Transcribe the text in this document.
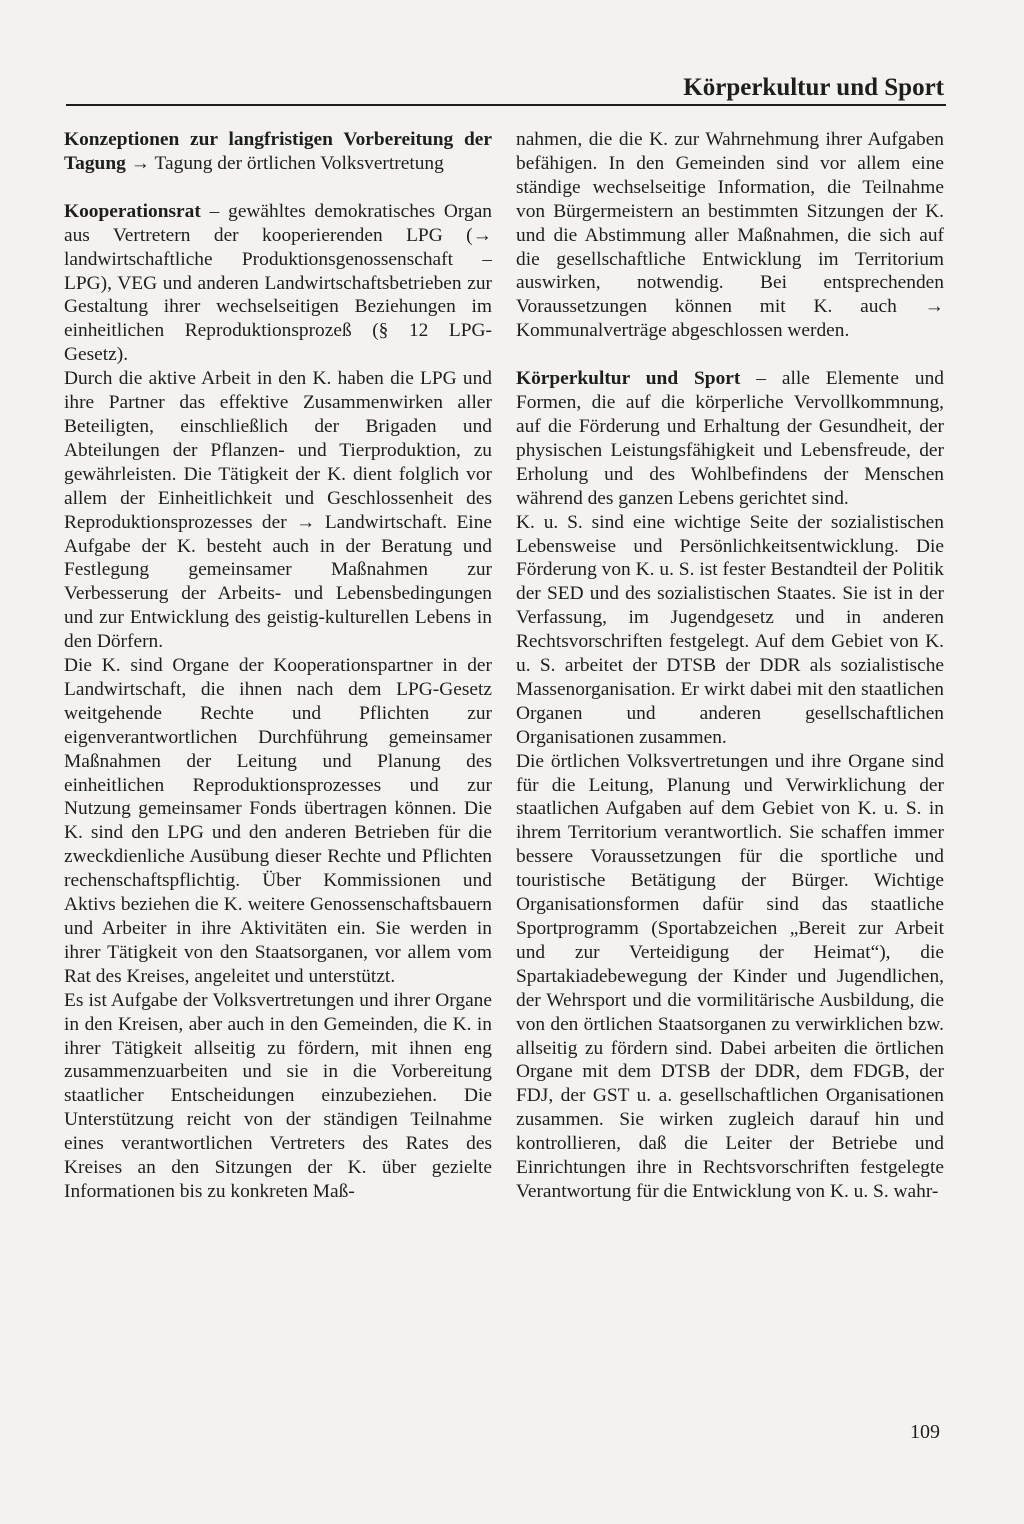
Körperkultur und Sport

Konzeptionen zur langfristigen Vorbereitung der Tagung → Tagung der örtlichen Volksvertretung

Kooperationsrat – gewähltes demokratisches Organ aus Vertretern der kooperierenden LPG (→ landwirtschaftliche Produktionsgenossenschaft – LPG), VEG und anderen Landwirtschaftsbetrieben zur Gestaltung ihrer wechselseitigen Beziehungen im einheitlichen Reproduktionsprozeß (§ 12 LPG-Gesetz).

Durch die aktive Arbeit in den K. haben die LPG und ihre Partner das effektive Zusammenwirken aller Beteiligten, einschließlich der Brigaden und Abteilungen der Pflanzen- und Tierproduktion, zu gewährleisten. Die Tätigkeit der K. dient folglich vor allem der Einheitlichkeit und Geschlossenheit des Reproduktionsprozesses der → Landwirtschaft. Eine Aufgabe der K. besteht auch in der Beratung und Festlegung gemeinsamer Maßnahmen zur Verbesserung der Arbeits- und Lebensbedingungen und zur Entwicklung des geistig-kulturellen Lebens in den Dörfern.

Die K. sind Organe der Kooperationspartner in der Landwirtschaft, die ihnen nach dem LPG-Gesetz weitgehende Rechte und Pflichten zur eigenverantwortlichen Durchführung gemeinsamer Maßnahmen der Leitung und Planung des einheitlichen Reproduktionsprozesses und zur Nutzung gemeinsamer Fonds übertragen können. Die K. sind den LPG und den anderen Betrieben für die zweckdienliche Ausübung dieser Rechte und Pflichten rechenschaftspflichtig. Über Kommissionen und Aktivs beziehen die K. weitere Genossenschaftsbauern und Arbeiter in ihre Aktivitäten ein. Sie werden in ihrer Tätigkeit von den Staatsorganen, vor allem vom Rat des Kreises, angeleitet und unterstützt.

Es ist Aufgabe der Volksvertretungen und ihrer Organe in den Kreisen, aber auch in den Gemeinden, die K. in ihrer Tätigkeit allseitig zu fördern, mit ihnen eng zusammenzuarbeiten und sie in die Vorbereitung staatlicher Entscheidungen einzubeziehen. Die Unterstützung reicht von der ständigen Teilnahme eines verantwortlichen Vertreters des Rates des Kreises an den Sitzungen der K. über gezielte Informationen bis zu konkreten Maß-

nahmen, die die K. zur Wahrnehmung ihrer Aufgaben befähigen. In den Gemeinden sind vor allem eine ständige wechselseitige Information, die Teilnahme von Bürgermeistern an bestimmten Sitzungen der K. und die Abstimmung aller Maßnahmen, die sich auf die gesellschaftliche Entwicklung im Territorium auswirken, notwendig. Bei entsprechenden Voraussetzungen können mit K. auch → Kommunalverträge abgeschlossen werden.

Körperkultur und Sport – alle Elemente und Formen, die auf die körperliche Vervollkommnung, auf die Förderung und Erhaltung der Gesundheit, der physischen Leistungsfähigkeit und Lebensfreude, der Erholung und des Wohlbefindens der Menschen während des ganzen Lebens gerichtet sind.

K. u. S. sind eine wichtige Seite der sozialistischen Lebensweise und Persönlichkeitsentwicklung. Die Förderung von K. u. S. ist fester Bestandteil der Politik der SED und des sozialistischen Staates. Sie ist in der Verfassung, im Jugendgesetz und in anderen Rechtsvorschriften festgelegt. Auf dem Gebiet von K. u. S. arbeitet der DTSB der DDR als sozialistische Massenorganisation. Er wirkt dabei mit den staatlichen Organen und anderen gesellschaftlichen Organisationen zusammen.

Die örtlichen Volksvertretungen und ihre Organe sind für die Leitung, Planung und Verwirklichung der staatlichen Aufgaben auf dem Gebiet von K. u. S. in ihrem Territorium verantwortlich. Sie schaffen immer bessere Voraussetzungen für die sportliche und touristische Betätigung der Bürger. Wichtige Organisationsformen dafür sind das staatliche Sportprogramm (Sportabzeichen „Bereit zur Arbeit und zur Verteidigung der Heimat“), die Spartakiadebewegung der Kinder und Jugendlichen, der Wehrsport und die vormilitärische Ausbildung, die von den örtlichen Staatsorganen zu verwirklichen bzw. allseitig zu fördern sind. Dabei arbeiten die örtlichen Organe mit dem DTSB der DDR, dem FDGB, der FDJ, der GST u. a. gesellschaftlichen Organisationen zusammen. Sie wirken zugleich darauf hin und kontrollieren, daß die Leiter der Betriebe und Einrichtungen ihre in Rechtsvorschriften festgelegte Verantwortung für die Entwicklung von K. u. S. wahr-

109
